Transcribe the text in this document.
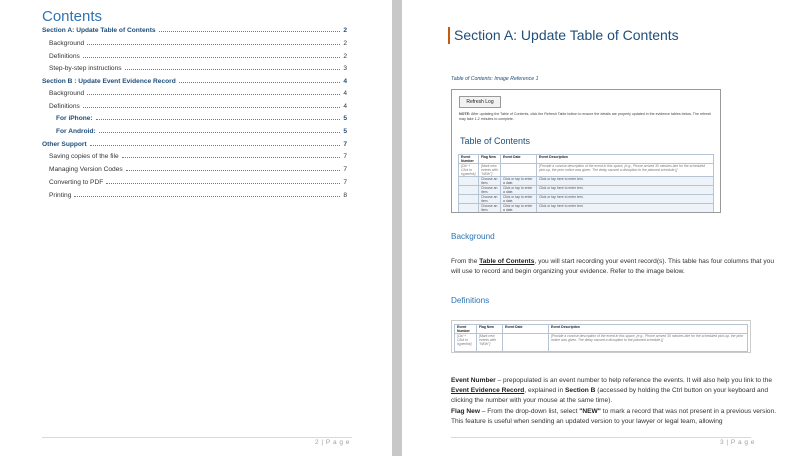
Contents
Section A: Update Table of Contents	2
Background	2
Definitions	2
Step-by-step instructions	3
Section B : Update Event Evidence Record	4
Background	4
Definitions	4
For iPhone:	5
For Android:	5
Other Support	7
Saving copies of the file	7
Managing Version Codes	7
Converting to PDF	7
Printing	8
2 | P a g e
Section A: Update Table of Contents
Table of Contents: Image Reference 1
Refresh Log
NOTE: After updating the Table of Contents, click the Refresh Table button to ensure the details are properly updated in the evidence tables below. The refresh may take 1-2 minutes to complete.
Table of Contents
Event Number	Flag New	Event Date	Event Description
[Ctrl + Click to hyperlink]	[Mark new events with "NEW"]		[Provide a concise description of the event in this space, (e.g., Phone arrived 30 minutes late for the scheduled pick-up, the prior notice was given. The delay caused a disruption to the planned schedule.)]
	Choose an item.	Click or tap to enter a date.	Click or tap here to enter text.
	Choose an item.	Click or tap to enter a date.	Click or tap here to enter text.
	Choose an item.	Click or tap to enter a date.	Click or tap here to enter text.
	Choose an item.	Click or tap to enter a date.	Click or tap here to enter text.

Background
From the Table of Contents, you will start recording your event record(s). This table has four columns that you will use to record and begin organizing your evidence. Refer to the image below.
Definitions
Event Number	Flag New	Event Date	Event Description
[Ctrl + Click to hyperlink]	[Mark new events with "NEW"]		[Provide a concise description of the event in this space, (e.g., Phone arrived 30 minutes late for the scheduled pick-up, the prior notice was given. The delay caused a disruption to the planned schedule.)]
Event Number – prepopulated is an event number to help reference the events. It will also help you link to the Event Evidence Record, explained in Section B (accessed by holding the Ctrl button on your keyboard and clicking the number with your mouse at the same time).
Flag New – From the drop-down list, select "NEW" to mark a record that was not present in a previous version. This feature is useful when sending an updated version to your lawyer or legal team, allowing
3 | P a g e
